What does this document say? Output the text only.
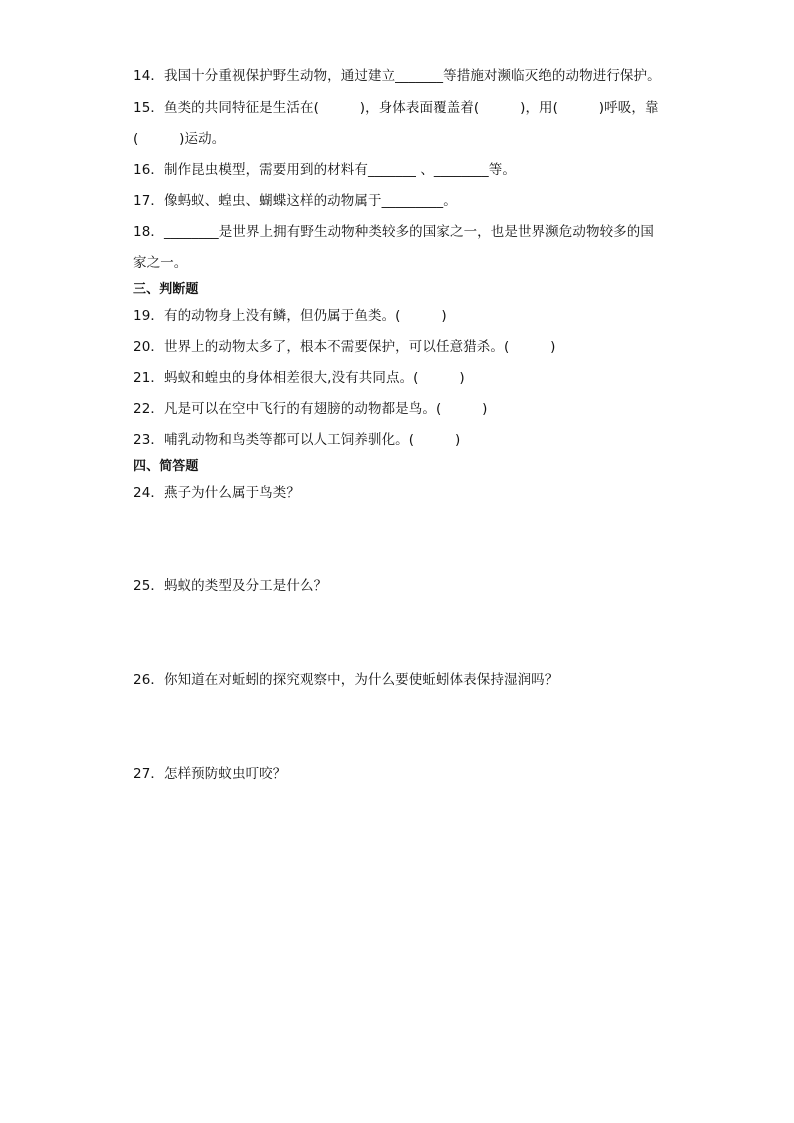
14．我国十分重视保护野生动物，通过建立_______等措施对濒临灭绝的动物进行保护。
15．鱼类的共同特征是生活在(　　　)，身体表面覆盖着(　　　)，用(　　　)呼吸，靠
(　　　)运动。
16．制作昆虫模型，需要用到的材料有_______ 、________等。
17．像蚂蚁、蝗虫、蝴蝶这样的动物属于_________。
18．________是世界上拥有野生动物种类较多的国家之一，也是世界濒危动物较多的国
家之一。
三、判断题
19．有的动物身上没有鳞，但仍属于鱼类。(　　　)
20．世界上的动物太多了，根本不需要保护，可以任意猎杀。(　　　)
21．蚂蚁和蝗虫的身体相差很大,没有共同点。(　　　)
22．凡是可以在空中飞行的有翅膀的动物都是鸟。(　　　)
23．哺乳动物和鸟类等都可以人工饲养驯化。(　　　)
四、简答题
24．燕子为什么属于鸟类？
25．蚂蚁的类型及分工是什么？
26．你知道在对蚯蚓的探究观察中，为什么要使蚯蚓体表保持湿润吗？
27．怎样预防蚊虫叮咬？
